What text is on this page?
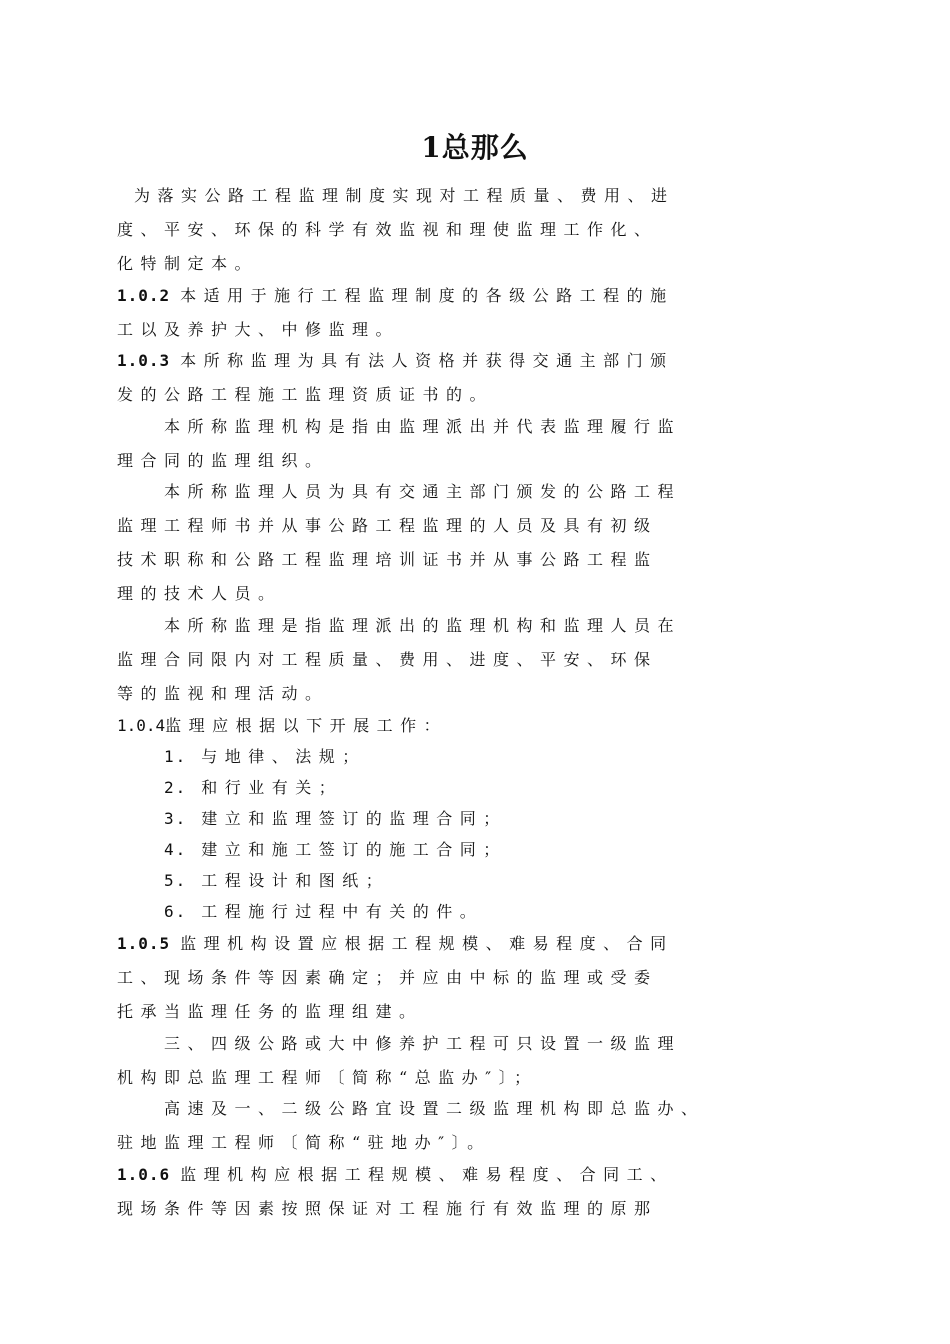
1总那么
为落实公路工程监理制度实现对工程质量、费用、进
度、平安、环保的科学有效监视和理使监理工作化、
化特制定本。
1.0.2 本适用于施行工程监理制度的各级公路工程的施
工以及养护大、中修监理。
1.0.3 本所称监理为具有法人资格并获得交通主部门颁
发的公路工程施工监理资质证书的。
本所称监理机构是指由监理派出并代表监理履行监
理合同的监理组织。
本所称监理人员为具有交通主部门颁发的公路工程
监理工程师书并从事公路工程监理的人员及具有初级
技术职称和公路工程监理培训证书并从事公路工程监
理的技术人员。
本所称监理是指监理派出的监理机构和监理人员在
监理合同限内对工程质量、费用、进度、平安、环保
等的监视和理活动。
1.0.4监理应根据以下开展工作：
1. 与地律、法规；
2. 和行业有关；
3. 建立和监理签订的监理合同；
4. 建立和施工签订的施工合同；
5. 工程设计和图纸；
6. 工程施行过程中有关的件。
1.0.5 监理机构设置应根据工程规模、难易程度、合同
工、现场条件等因素确定；并应由中标的监理或受委
托承当监理任务的监理组建。
三、四级公路或大中修养护工程可只设置一级监理
机构即总监理工程师〔简称“总监办″〕；
高速及一、二级公路宜设置二级监理机构即总监办、
驻地监理工程师〔简称“驻地办″〕。
1.0.6 监理机构应根据工程规模、难易程度、合同工、
现场条件等因素按照保证对工程施行有效监理的原那
